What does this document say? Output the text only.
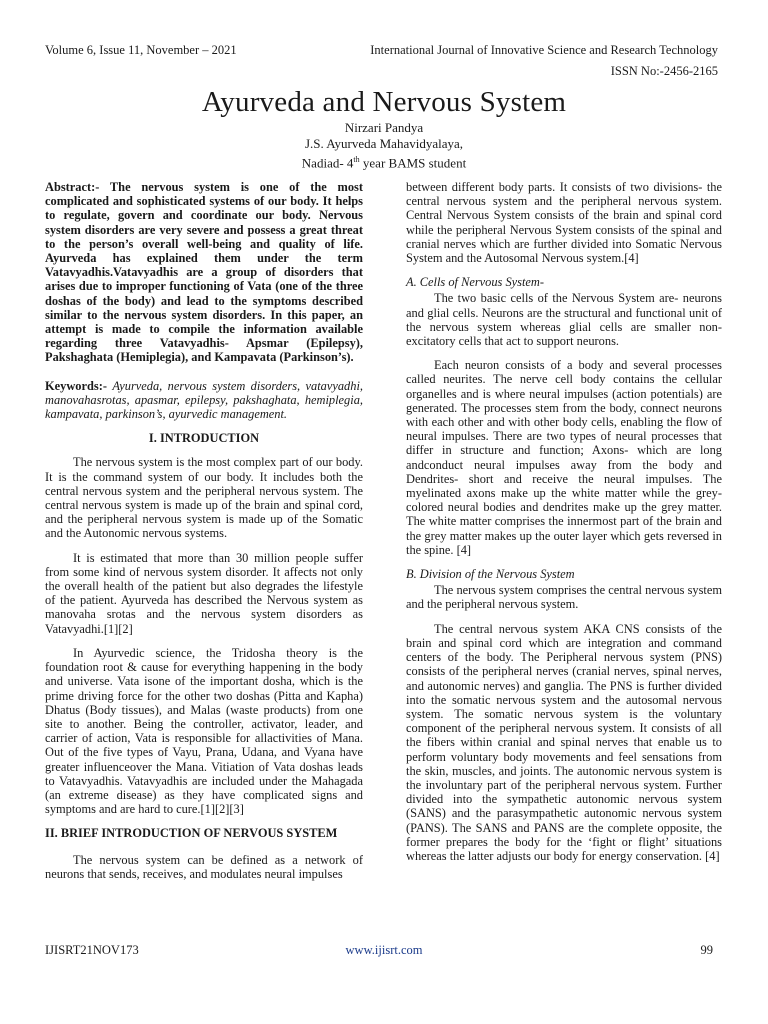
Volume 6, Issue 11, November – 2021	International Journal of Innovative Science and Research Technology
ISSN No:-2456-2165
Ayurveda and Nervous System
Nirzari Pandya
J.S. Ayurveda Mahavidyalaya,
Nadiad- 4th year BAMS student

Abstract:- The nervous system is one of the most complicated and sophisticated systems of our body. It helps to regulate, govern and coordinate our body. Nervous system disorders are very severe and possess a great threat to the person’s overall well-being and quality of life. Ayurveda has explained them under the term Vatavyadhis.Vatavyadhis are a group of disorders that arises due to improper functioning of Vata (one of the three doshas of the body) and lead to the symptoms described similar to the nervous system disorders. In this paper, an attempt is made to compile the information available regarding three Vatavyadhis- Apsmar (Epilepsy), Pakshaghata (Hemiplegia), and Kampavata (Parkinson’s).

Keywords:- Ayurveda, nervous system disorders, vatavyadhi, manovahasrotas, apasmar, epilepsy, pakshaghata, hemiplegia, kampavata, parkinson’s, ayurvedic management.

I. INTRODUCTION

The nervous system is the most complex part of our body. It is the command system of our body. It includes both the central nervous system and the peripheral nervous system. The central nervous system is made up of the brain and spinal cord, and the peripheral nervous system is made up of the Somatic and the Autonomic nervous systems.

It is estimated that more than 30 million people suffer from some kind of nervous system disorder. It affects not only the overall health of the patient but also degrades the lifestyle of the patient. Ayurveda has described the Nervous system as manovaha srotas and the nervous system disorders as Vatavyadhi.[1][2]

In Ayurvedic science, the Tridosha theory is the foundation root & cause for everything happening in the body and universe. Vata isone of the important dosha, which is the prime driving force for the other two doshas (Pitta and Kapha) Dhatus (Body tissues), and Malas (waste products) from one site to another. Being the controller, activator, leader, and carrier of action, Vata is responsible for allactivities of Mana. Out of the five types of Vayu, Prana, Udana, and Vyana have greater influenceover the Mana. Vitiation of Vata doshas leads to Vatavyadhis. Vatavyadhis are included under the Mahagada (an extreme disease) as they have complicated signs and symptoms and are hard to cure.[1][2][3]

II. BRIEF INTRODUCTION OF NERVOUS SYSTEM

The nervous system can be defined as a network of neurons that sends, receives, and modulates neural impulses

between different body parts. It consists of two divisions- the central nervous system and the peripheral nervous system. Central Nervous System consists of the brain and spinal cord while the peripheral Nervous System consists of the spinal and cranial nerves which are further divided into Somatic Nervous System and the Autosomal Nervous system.[4]

A. Cells of Nervous System-

The two basic cells of the Nervous System are- neurons and glial cells. Neurons are the structural and functional unit of the nervous system whereas glial cells are smaller non-excitatory cells that act to support neurons.

Each neuron consists of a body and several processes called neurites. The nerve cell body contains the cellular organelles and is where neural impulses (action potentials) are generated. The processes stem from the body, connect neurons with each other and with other body cells, enabling the flow of neural impulses. There are two types of neural processes that differ in structure and function; Axons- which are long andconduct neural impulses away from the body and Dendrites- short and receive the neural impulses. The myelinated axons make up the white matter while the grey-colored neural bodies and dendrites make up the grey matter. The white matter comprises the innermost part of the brain and the grey matter makes up the outer layer which gets reversed in the spine. [4]

B. Division of the Nervous System

The nervous system comprises the central nervous system and the peripheral nervous system.

The central nervous system AKA CNS consists of the brain and spinal cord which are integration and command centers of the body. The Peripheral nervous system (PNS) consists of the peripheral nerves (cranial nerves, spinal nerves, and autonomic nerves) and ganglia. The PNS is further divided into the somatic nervous system and the autosomal nervous system. The somatic nervous system is the voluntary component of the peripheral nervous system. It consists of all the fibers within cranial and spinal nerves that enable us to perform voluntary body movements and feel sensations from the skin, muscles, and joints. The autonomic nervous system is the involuntary part of the peripheral nervous system. Further divided into the sympathetic autonomic nervous system (SANS) and the parasympathetic autonomic nervous system (PANS). The SANS and PANS are the complete opposite, the former prepares the body for the ‘fight or flight’ situations whereas the latter adjusts our body for energy conservation. [4]

IJISRT21NOV173	www.ijisrt.com	99
